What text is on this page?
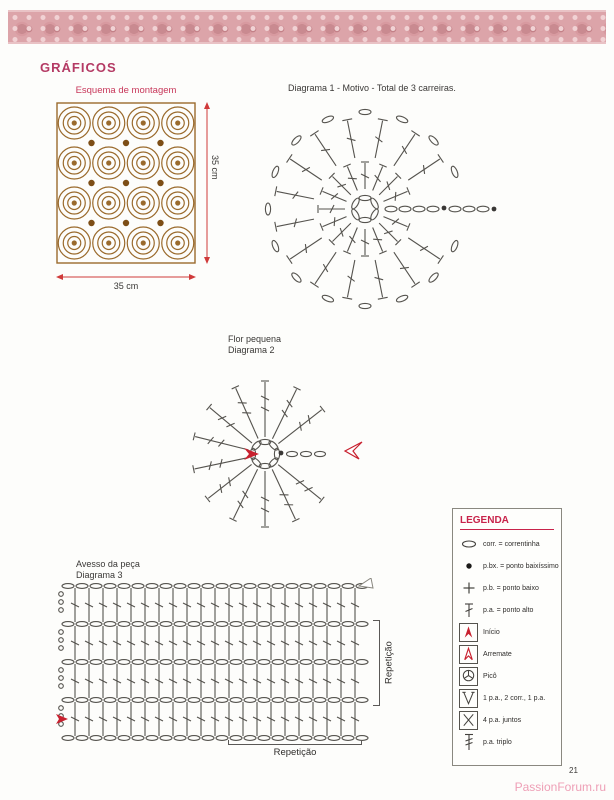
GRÁFICOS
Esquema de montagem
35 cm
35 cm
Diagrama 1 - Motivo - Total de 3 carreiras.
Flor pequena
Diagrama 2
Avesso da peça
Diagrama 3
Repetição
Repetição
LEGENDA
corr. = correntinha
p.bx. = ponto baixíssimo
p.b. = ponto baixo
p.a. = ponto alto
Início
Arremate
Picô
1 p.a., 2 corr., 1 p.a.
4 p.a. juntos
p.a. triplo
PassionForum.ru
21
